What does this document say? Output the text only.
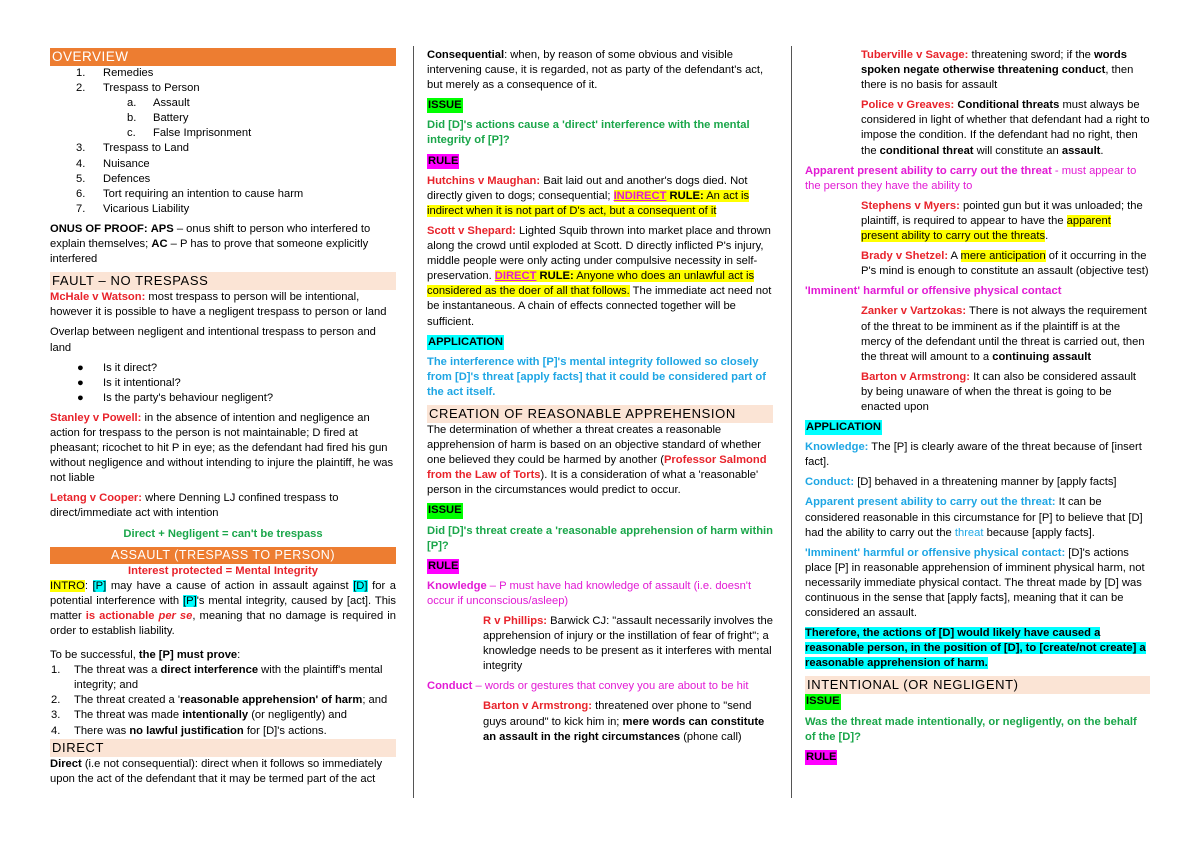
OVERVIEW
1. Remedies
2. Trespass to Person
a. Assault
b. Battery
c. False Imprisonment
3. Trespass to Land
4. Nuisance
5. Defences
6. Tort requiring an intention to cause harm
7. Vicarious Liability

ONUS OF PROOF: APS – onus shift to person who interfered to explain themselves; AC – P has to prove that someone explicitly interfered

FAULT – NO TRESPASS

McHale v Watson: most trespass to person will be intentional, however it is possible to have a negligent trespass to person or land

Overlap between negligent and intentional trespass to person and land

● Is it direct?
● Is it intentional?
● Is the party's behaviour negligent?

Stanley v Powell: in the absence of intention and negligence an action for trespass to the person is not maintainable; D fired at pheasant; ricochet to hit P in eye; as the defendant had fired his gun without negligence and without intending to injure the plaintiff, he was not liable

Letang v Cooper: where Denning LJ confined trespass to direct/immediate act with intention

Direct + Negligent = can't be trespass

ASSAULT (TRESPASS TO PERSON)

Interest protected = Mental Integrity

INTRO: [P] may have a cause of action in assault against [D] for a potential interference with [P]'s mental integrity, caused by [act]. This matter is actionable per se, meaning that no damage is required in order to establish liability.

To be successful, the [P] must prove:

1. The threat was a direct interference with the plaintiff's mental integrity; and
2. The threat created a 'reasonable apprehension' of harm; and
3. The threat was made intentionally (or negligently) and
4. There was no lawful justification for [D]'s actions.
DIRECT

Direct (i.e not consequential): direct when it follows so immediately upon the act of the defendant that it may be termed part of the act

Consequential: when, by reason of some obvious and visible intervening cause, it is regarded, not as party of the defendant's act, but merely as a consequence of it.

ISSUE

Did [D]'s actions cause a 'direct' interference with the mental integrity of [P]?

RULE

Hutchins v Maughan: Bait laid out and another's dogs died. Not directly given to dogs; consequential; INDIRECT RULE: An act is indirect when it is not part of D's act, but a consequent of it

Scott v Shepard: Lighted Squib thrown into market place and thrown along the crowd until exploded at Scott. D directly inflicted P's injury, middle people were only acting under compulsive necessity in self-preservation. DIRECT RULE: Anyone who does an unlawful act is considered as the doer of all that follows. The immediate act need not be instantaneous. A chain of effects connected together will be sufficient.

APPLICATION

The interference with [P]'s mental integrity followed so closely from [D]'s threat [apply facts] that it could be considered part of the act itself.

CREATION OF REASONABLE APPREHENSION

The determination of whether a threat creates a reasonable apprehension of harm is based on an objective standard of whether one believed they could be harmed by another (Professor Salmond from the Law of Torts). It is a consideration of what a 'reasonable' person in the circumstances would predict to occur.

ISSUE

Did [D]'s threat create a 'reasonable apprehension of harm within [P]?

RULE

Knowledge – P must have had knowledge of assault (i.e. doesn't occur if unconscious/asleep)

R v Phillips: Barwick CJ: "assault necessarily involves the apprehension of injury or the instillation of fear of fright"; a knowledge needs to be present as it interferes with mental integrity

Conduct – words or gestures that convey you are about to be hit

Barton v Armstrong: threatened over phone to "send guys around" to kick him in; mere words can constitute an assault in the right circumstances (phone call)

Tuberville v Savage: threatening sword; if the words spoken negate otherwise threatening conduct, then there is no basis for assault

Police v Greaves: Conditional threats must always be considered in light of whether that defendant had a right to impose the condition. If the defendant had no right, then the conditional threat will constitute an assault.

Apparent present ability to carry out the threat - must appear to the person they have the ability to

Stephens v Myers: pointed gun but it was unloaded; the plaintiff, is required to appear to have the apparent present ability to carry out the threats.

Brady v Shetzel: A mere anticipation of it occurring in the P's mind is enough to constitute an assault (objective test)

'Imminent' harmful or offensive physical contact

Zanker v Vartzokas: There is not always the requirement of the threat to be imminent as if the plaintiff is at the mercy of the defendant until the threat is carried out, then the threat will amount to a continuing assault

Barton v Armstrong: It can also be considered assault by being unaware of when the threat is going to be enacted upon

APPLICATION

Knowledge: The [P] is clearly aware of the threat because of [insert fact].

Conduct: [D] behaved in a threatening manner by [apply facts]

Apparent present ability to carry out the threat: It can be considered reasonable in this circumstance for [P] to believe that [D] had the ability to carry out the threat because [apply facts].

'Imminent' harmful or offensive physical contact: [D]'s actions place [P] in reasonable apprehension of imminent physical harm, not necessarily immediate physical contact. The threat made by [D] was continuous in the sense that [apply facts], meaning that it can be considered an assault.

Therefore, the actions of [D] would likely have caused a reasonable person, in the position of [D], to [create/not create] a reasonable apprehension of harm.

INTENTIONAL (OR NEGLIGENT)
ISSUE

Was the threat made intentionally, or negligently, on the behalf of the [D]?

RULE
